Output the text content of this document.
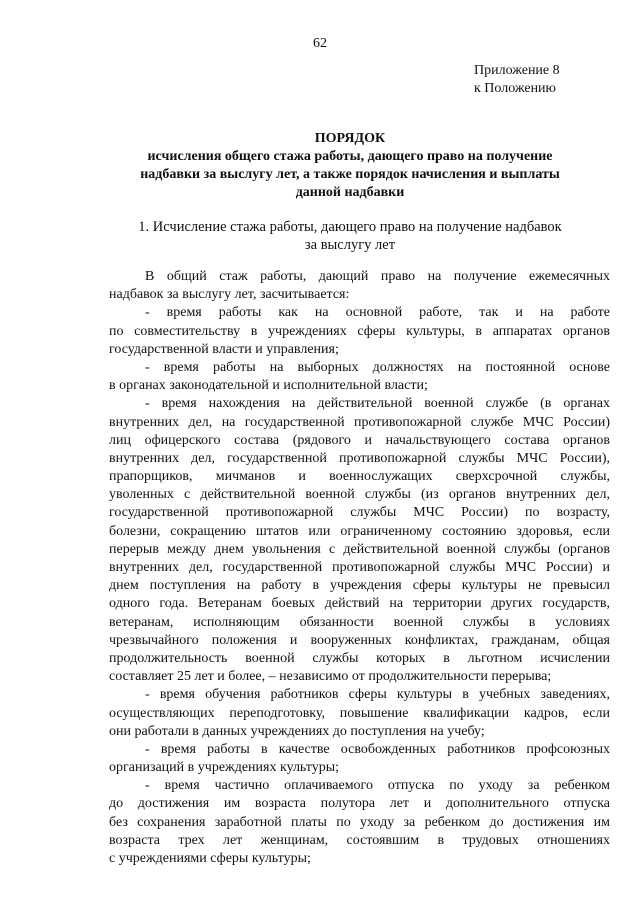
62
Приложение 8
к Положению
ПОРЯДОК
исчисления общего стажа работы, дающего право на получение
надбавки за выслугу лет, а также порядок начисления и выплаты
данной надбавки
1. Исчисление стажа работы, дающего право на получение надбавок
за выслугу лет
В общий стаж работы, дающий право на получение ежемесячных
надбавок за выслугу лет, засчитывается:
- время работы как на основной работе, так и на работе
по совместительству в учреждениях сферы культуры, в аппаратах органов
государственной власти и управления;
- время работы на выборных должностях на постоянной основе
в органах законодательной и исполнительной власти;
- время нахождения на действительной военной службе (в органах
внутренних дел, на государственной противопожарной службе МЧС России)
лиц офицерского состава (рядового и начальствующего состава органов
внутренних дел, государственной противопожарной службы МЧС России),
прапорщиков, мичманов и военнослужащих сверхсрочной службы,
уволенных с действительной военной службы (из органов внутренних дел,
государственной противопожарной службы МЧС России) по возрасту,
болезни, сокращению штатов или ограниченному состоянию здоровья, если
перерыв между днем увольнения с действительной военной службы (органов
внутренних дел, государственной противопожарной службы МЧС России) и
днем поступления на работу в учреждения сферы культуры не превысил
одного года. Ветеранам боевых действий на территории других государств,
ветеранам, исполняющим обязанности военной службы в условиях
чрезвычайного положения и вооруженных конфликтах, гражданам, общая
продолжительность военной службы которых в льготном исчислении
составляет 25 лет и более, – независимо от продолжительности перерыва;
- время обучения работников сферы культуры в учебных заведениях,
осуществляющих переподготовку, повышение квалификации кадров, если
они работали в данных учреждениях до поступления на учебу;
- время работы в качестве освобожденных работников профсоюзных
организаций в учреждениях культуры;
- время частично оплачиваемого отпуска по уходу за ребенком
до достижения им возраста полутора лет и дополнительного отпуска
без сохранения заработной платы по уходу за ребенком до достижения им
возраста трех лет женщинам, состоявшим в трудовых отношениях
с учреждениями сферы культуры;
